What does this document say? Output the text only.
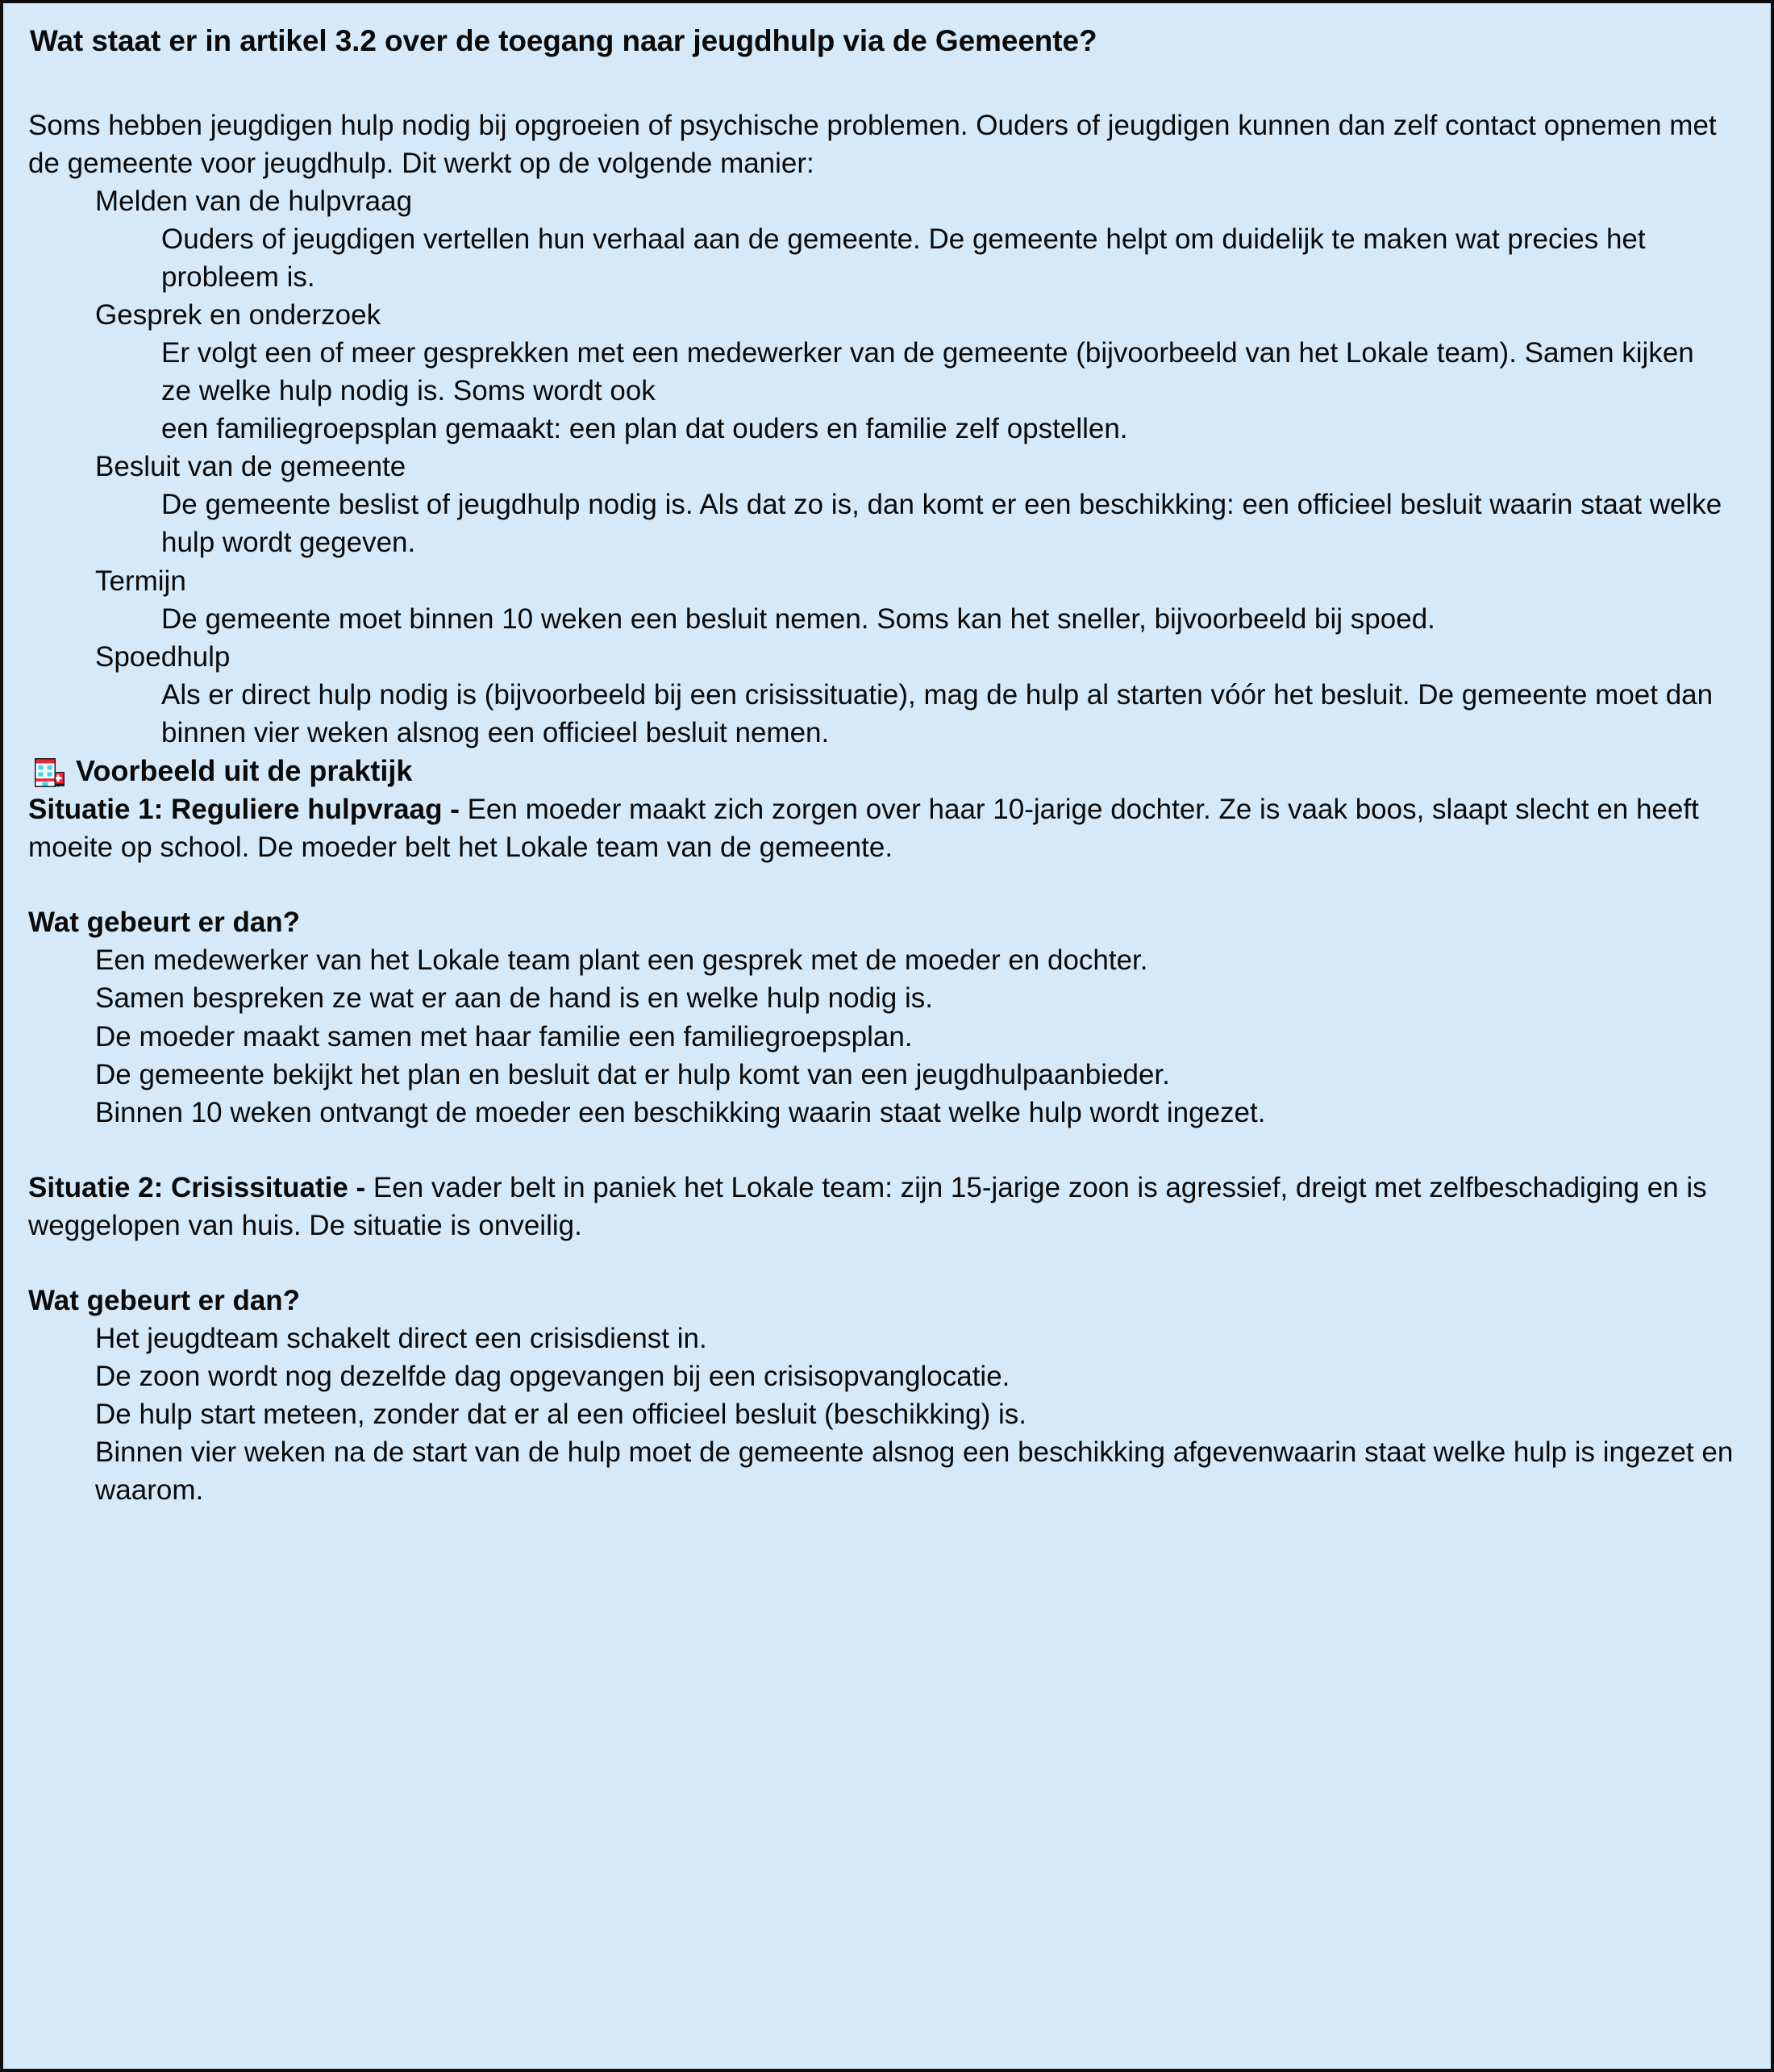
Wat staat er in artikel 3.2 over de toegang naar jeugdhulp via de Gemeente?

Soms hebben jeugdigen hulp nodig bij opgroeien of psychische problemen. Ouders of jeugdigen kunnen dan zelf contact opnemen met de gemeente voor jeugdhulp. Dit werkt op de volgende manier:

Melden van de hulpvraag

Ouders of jeugdigen vertellen hun verhaal aan de gemeente. De gemeente helpt om duidelijk te maken wat precies het probleem is.

Gesprek en onderzoek

Er volgt een of meer gesprekken met een medewerker van de gemeente (bijvoorbeeld van het Lokale team). Samen kijken ze welke hulp nodig is. Soms wordt ook

een familiegroepsplan gemaakt: een plan dat ouders en familie zelf opstellen.

Besluit van de gemeente

De gemeente beslist of jeugdhulp nodig is. Als dat zo is, dan komt er een beschikking: een officieel besluit waarin staat welke hulp wordt gegeven.

Termijn

De gemeente moet binnen 10 weken een besluit nemen. Soms kan het sneller, bijvoorbeeld bij spoed.

Spoedhulp

Als er direct hulp nodig is (bijvoorbeeld bij een crisissituatie), mag de hulp al starten vóór het besluit. De gemeente moet dan binnen vier weken alsnog een officieel besluit nemen.

Voorbeeld uit de praktijk

Situatie 1: Reguliere hulpvraag - Een moeder maakt zich zorgen over haar 10-jarige dochter. Ze is vaak boos, slaapt slecht en heeft moeite op school. De moeder belt het Lokale team van de gemeente.

Wat gebeurt er dan?

Een medewerker van het Lokale team plant een gesprek met de moeder en dochter.

Samen bespreken ze wat er aan de hand is en welke hulp nodig is.

De moeder maakt samen met haar familie een familiegroepsplan.

De gemeente bekijkt het plan en besluit dat er hulp komt van een jeugdhulpaanbieder.

Binnen 10 weken ontvangt de moeder een beschikking waarin staat welke hulp wordt ingezet.

Situatie 2: Crisissituatie - Een vader belt in paniek het Lokale team: zijn 15-jarige zoon is agressief, dreigt met zelfbeschadiging en is weggelopen van huis. De situatie is onveilig.

Wat gebeurt er dan?

Het jeugdteam schakelt direct een crisisdienst in.

De zoon wordt nog dezelfde dag opgevangen bij een crisisopvanglocatie.

De hulp start meteen, zonder dat er al een officieel besluit (beschikking) is.

Binnen vier weken na de start van de hulp moet de gemeente alsnog een beschikking afgevenwaarin staat welke hulp is ingezet en waarom.
